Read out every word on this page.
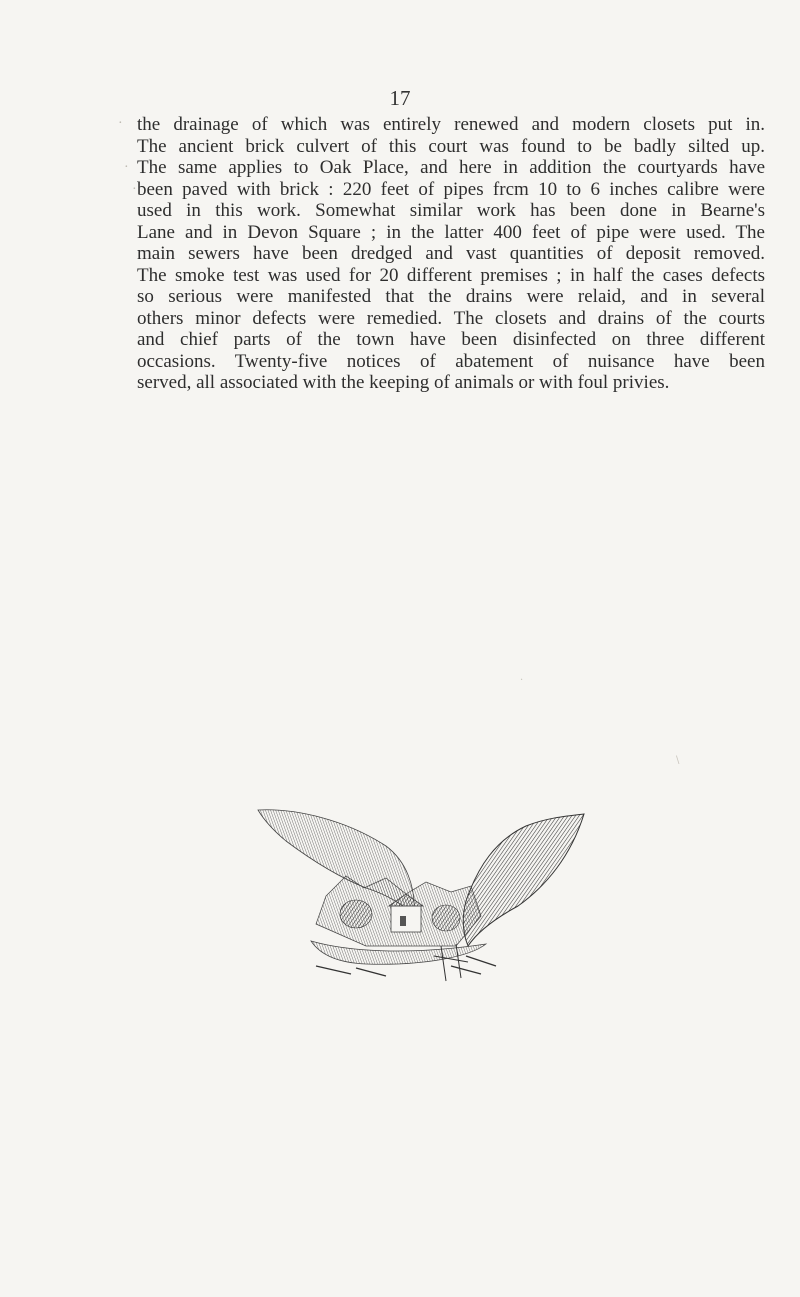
17
·
·
·
the drainage of which was entirely renewed and modern closets put in.
The ancient brick culvert of this court was found to be badly silted up.
The same applies to Oak Place, and here in addition the courtyards have
been paved with brick : 220 feet of pipes frcm 10 to 6 inches calibre were
used in this work. Somewhat similar work has been done in Bearne's
Lane and in Devon Square ; in the latter 400 feet of pipe were used. The
main sewers have been dredged and vast quantities of deposit removed.
The smoke test was used for 20 different premises ; in half the cases defects
so serious were manifested that the drains were relaid, and in several
others minor defects were remedied. The closets and drains of the courts
and chief parts of the town have been disinfected on three different
occasions. Twenty-five notices of abatement of nuisance have been
served, all associated with the keeping of animals or with foul privies.
\
·
